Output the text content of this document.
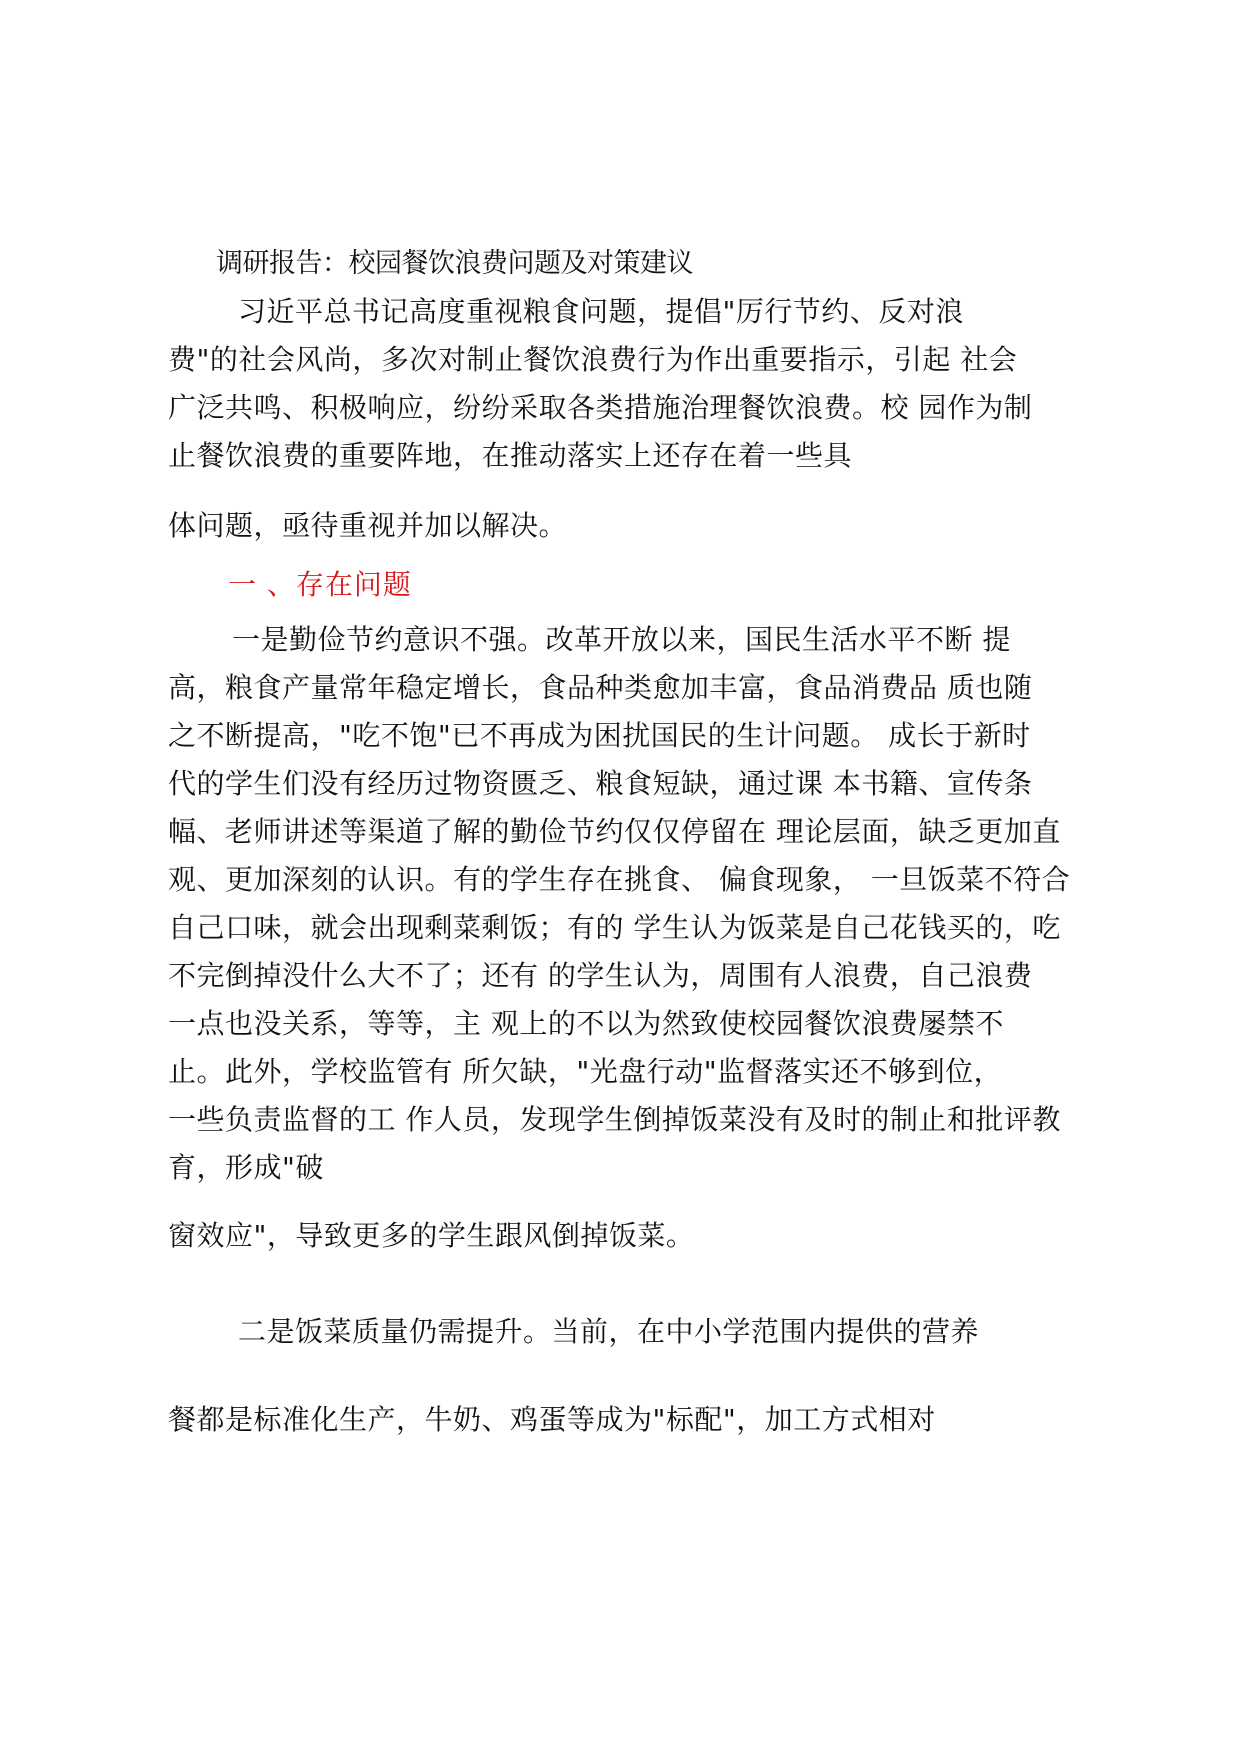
调研报告：校园餐饮浪费问题及对策建议
习近平总书记高度重视粮食问题，提倡"厉行节约、反对浪
费"的社会风尚，多次对制止餐饮浪费行为作出重要指示，引起 社会
广泛共鸣、积极响应，纷纷采取各类措施治理餐饮浪费。校 园作为制
止餐饮浪费的重要阵地，在推动落实上还存在着一些具
体问题，亟待重视并加以解决。
一 、存在问题
一是勤俭节约意识不强。改革开放以来，国民生活水平不断 提
高，粮食产量常年稳定增长，食品种类愈加丰富，食品消费品 质也随
之不断提高，"吃不饱"已不再成为困扰国民的生计问题。 成长于新时
代的学生们没有经历过物资匮乏、粮食短缺，通过课 本书籍、宣传条
幅、老师讲述等渠道了解的勤俭节约仅仅停留在 理论层面，缺乏更加直
观、更加深刻的认识。有的学生存在挑食、 偏食现象， 一旦饭菜不符合
自己口味，就会出现剩菜剩饭；有的 学生认为饭菜是自己花钱买的，吃
不完倒掉没什么大不了；还有 的学生认为，周围有人浪费，自己浪费
一点也没关系，等等，主 观上的不以为然致使校园餐饮浪费屡禁不
止。此外，学校监管有 所欠缺，"光盘行动"监督落实还不够到位，
一些负责监督的工 作人员，发现学生倒掉饭菜没有及时的制止和批评教
育，形成"破
窗效应"，导致更多的学生跟风倒掉饭菜。
二是饭菜质量仍需提升。当前，在中小学范围内提供的营养
餐都是标准化生产，牛奶、鸡蛋等成为"标配"，加工方式相对
